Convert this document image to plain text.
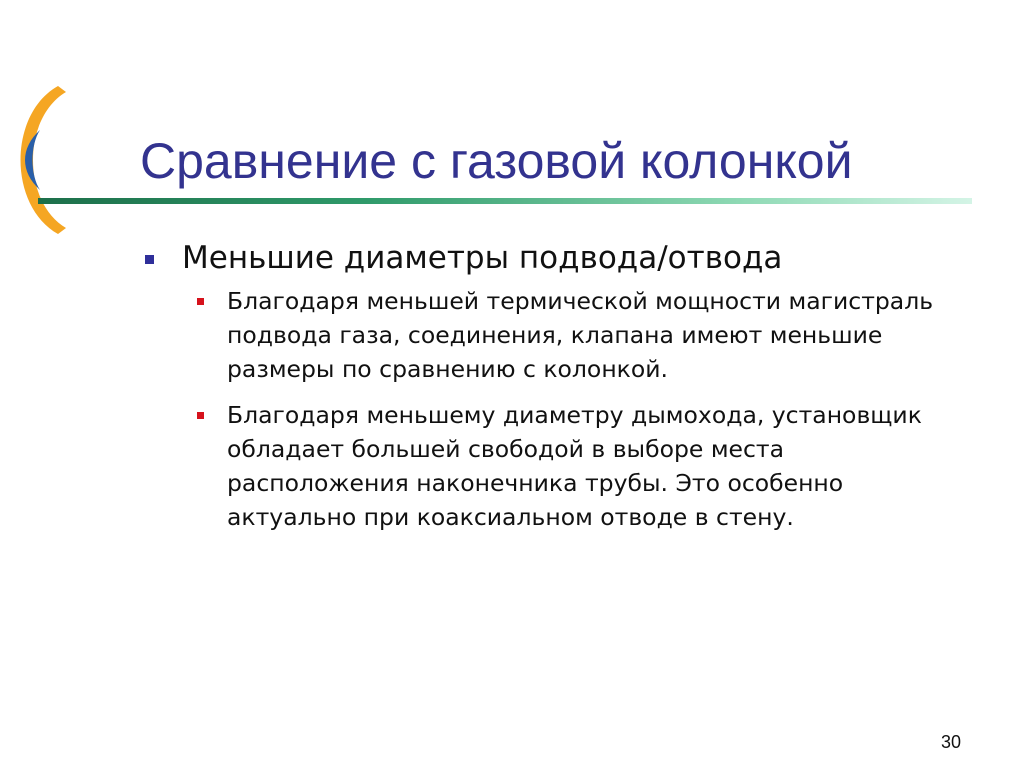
Сравнение с газовой колонкой
Меньшие диаметры подвода/отвода
Благодаря меньшей термической мощности магистраль
подвода газа, соединения, клапана имеют меньшие
размеры по сравнению с колонкой.
Благодаря меньшему диаметру дымохода, установщик
обладает большей свободой в выборе места
расположения наконечника трубы. Это особенно
актуально при коаксиальном отводе в стену.
30
